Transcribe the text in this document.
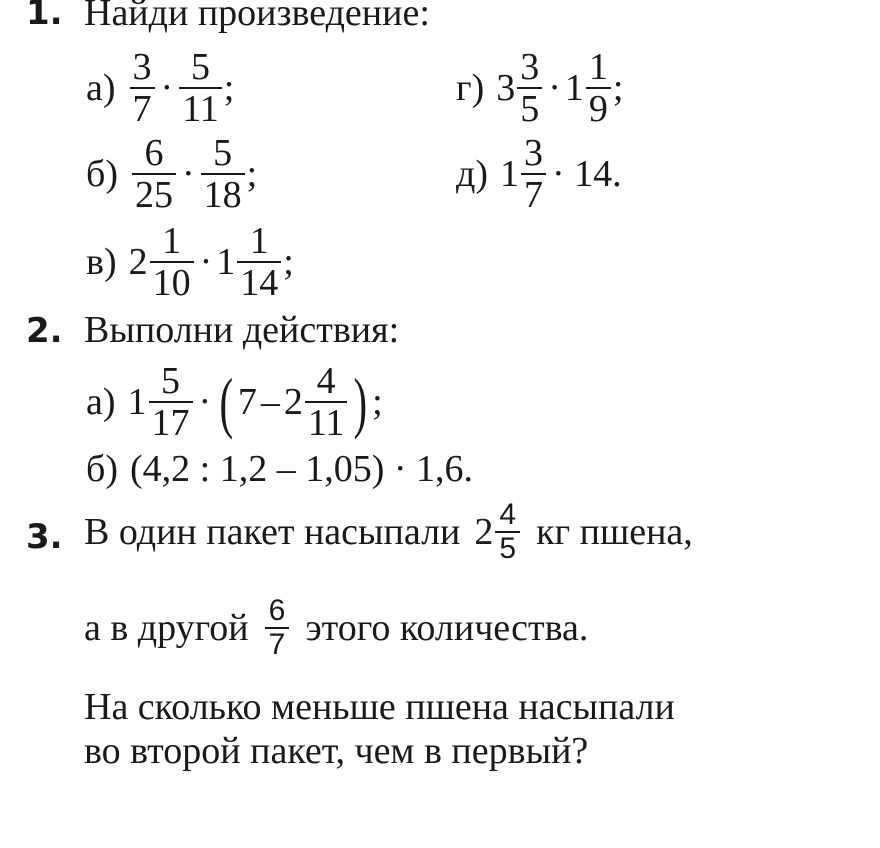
1. Найди произведение:
$а) \frac{3}{7} \cdot \frac{5}{11}$ ;
$б) \frac{6}{25} \cdot \frac{5}{18}$ ;
в) $2 \frac{1}{10} \cdot 1 \frac{1}{14}$ ;
г) $3 \frac{3}{5} \cdot 1 \frac{1}{9}$ ;
д) $1 \frac{3}{7} \cdot 14$.
2. Выполни действия:
а) $1 \frac{5}{17}$ · ( $7 - 2 \frac{4}{11}$ ) ;
б) (4,2 : 1,2 – 1,05) · 1,6.
3. В один пакет насыпали $2 \frac{4}{5}$ кг пшена,
а в другой $\frac{6}{7}$ этого количества.
На сколько меньше пшена насыпали
во второй пакет, чем в первый?
